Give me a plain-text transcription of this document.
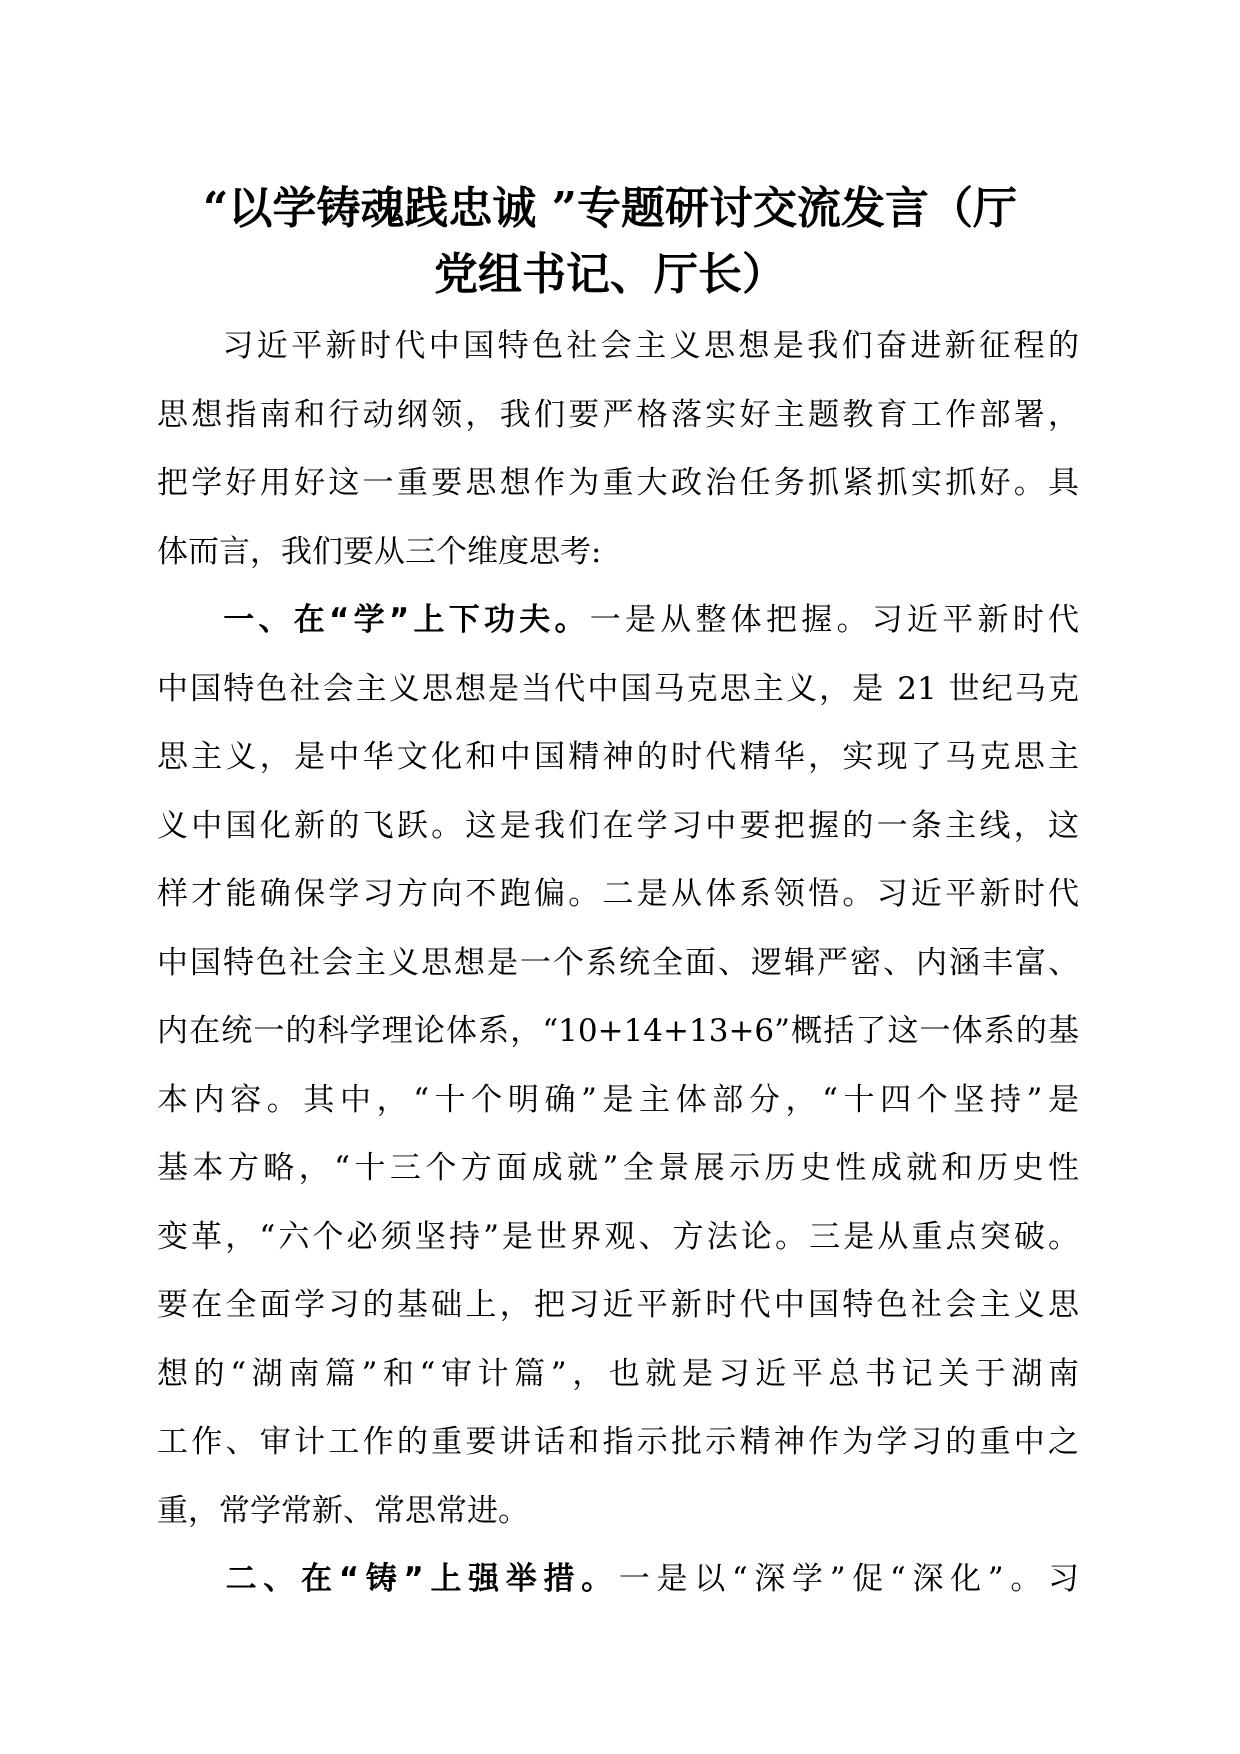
“以学铸魂践忠诚 ”专题研讨交流发言（厅
党组书记、厅长）
习近平新时代中国特色社会主义思想是我们奋进新征程的
思想指南和行动纲领，我们要严格落实好主题教育工作部署，
把学好用好这一重要思想作为重大政治任务抓紧抓实抓好。具
体而言，我们要从三个维度思考:
一、在“学”上下功夫。一是从整体把握。习近平新时代
中国特色社会主义思想是当代中国马克思主义，是 21 世纪马克
思主义，是中华文化和中国精神的时代精华，实现了马克思主
义中国化新的飞跃。这是我们在学习中要把握的一条主线，这
样才能确保学习方向不跑偏。二是从体系领悟。习近平新时代
中国特色社会主义思想是一个系统全面、逻辑严密、内涵丰富、
内在统一的科学理论体系，“10+14+13+6”概括了这一体系的基
本内容。其中，“十个明确”是主体部分，“十四个坚持”是
基本方略，“十三个方面成就”全景展示历史性成就和历史性
变革，“六个必须坚持”是世界观、方法论。三是从重点突破。
要在全面学习的基础上，把习近平新时代中国特色社会主义思
想的“湖南篇”和“审计篇”，也就是习近平总书记关于湖南
工作、审计工作的重要讲话和指示批示精神作为学习的重中之
重，常学常新、常思常进。
二、在“铸”上强举措。一是以“深学”促“深化”。习
